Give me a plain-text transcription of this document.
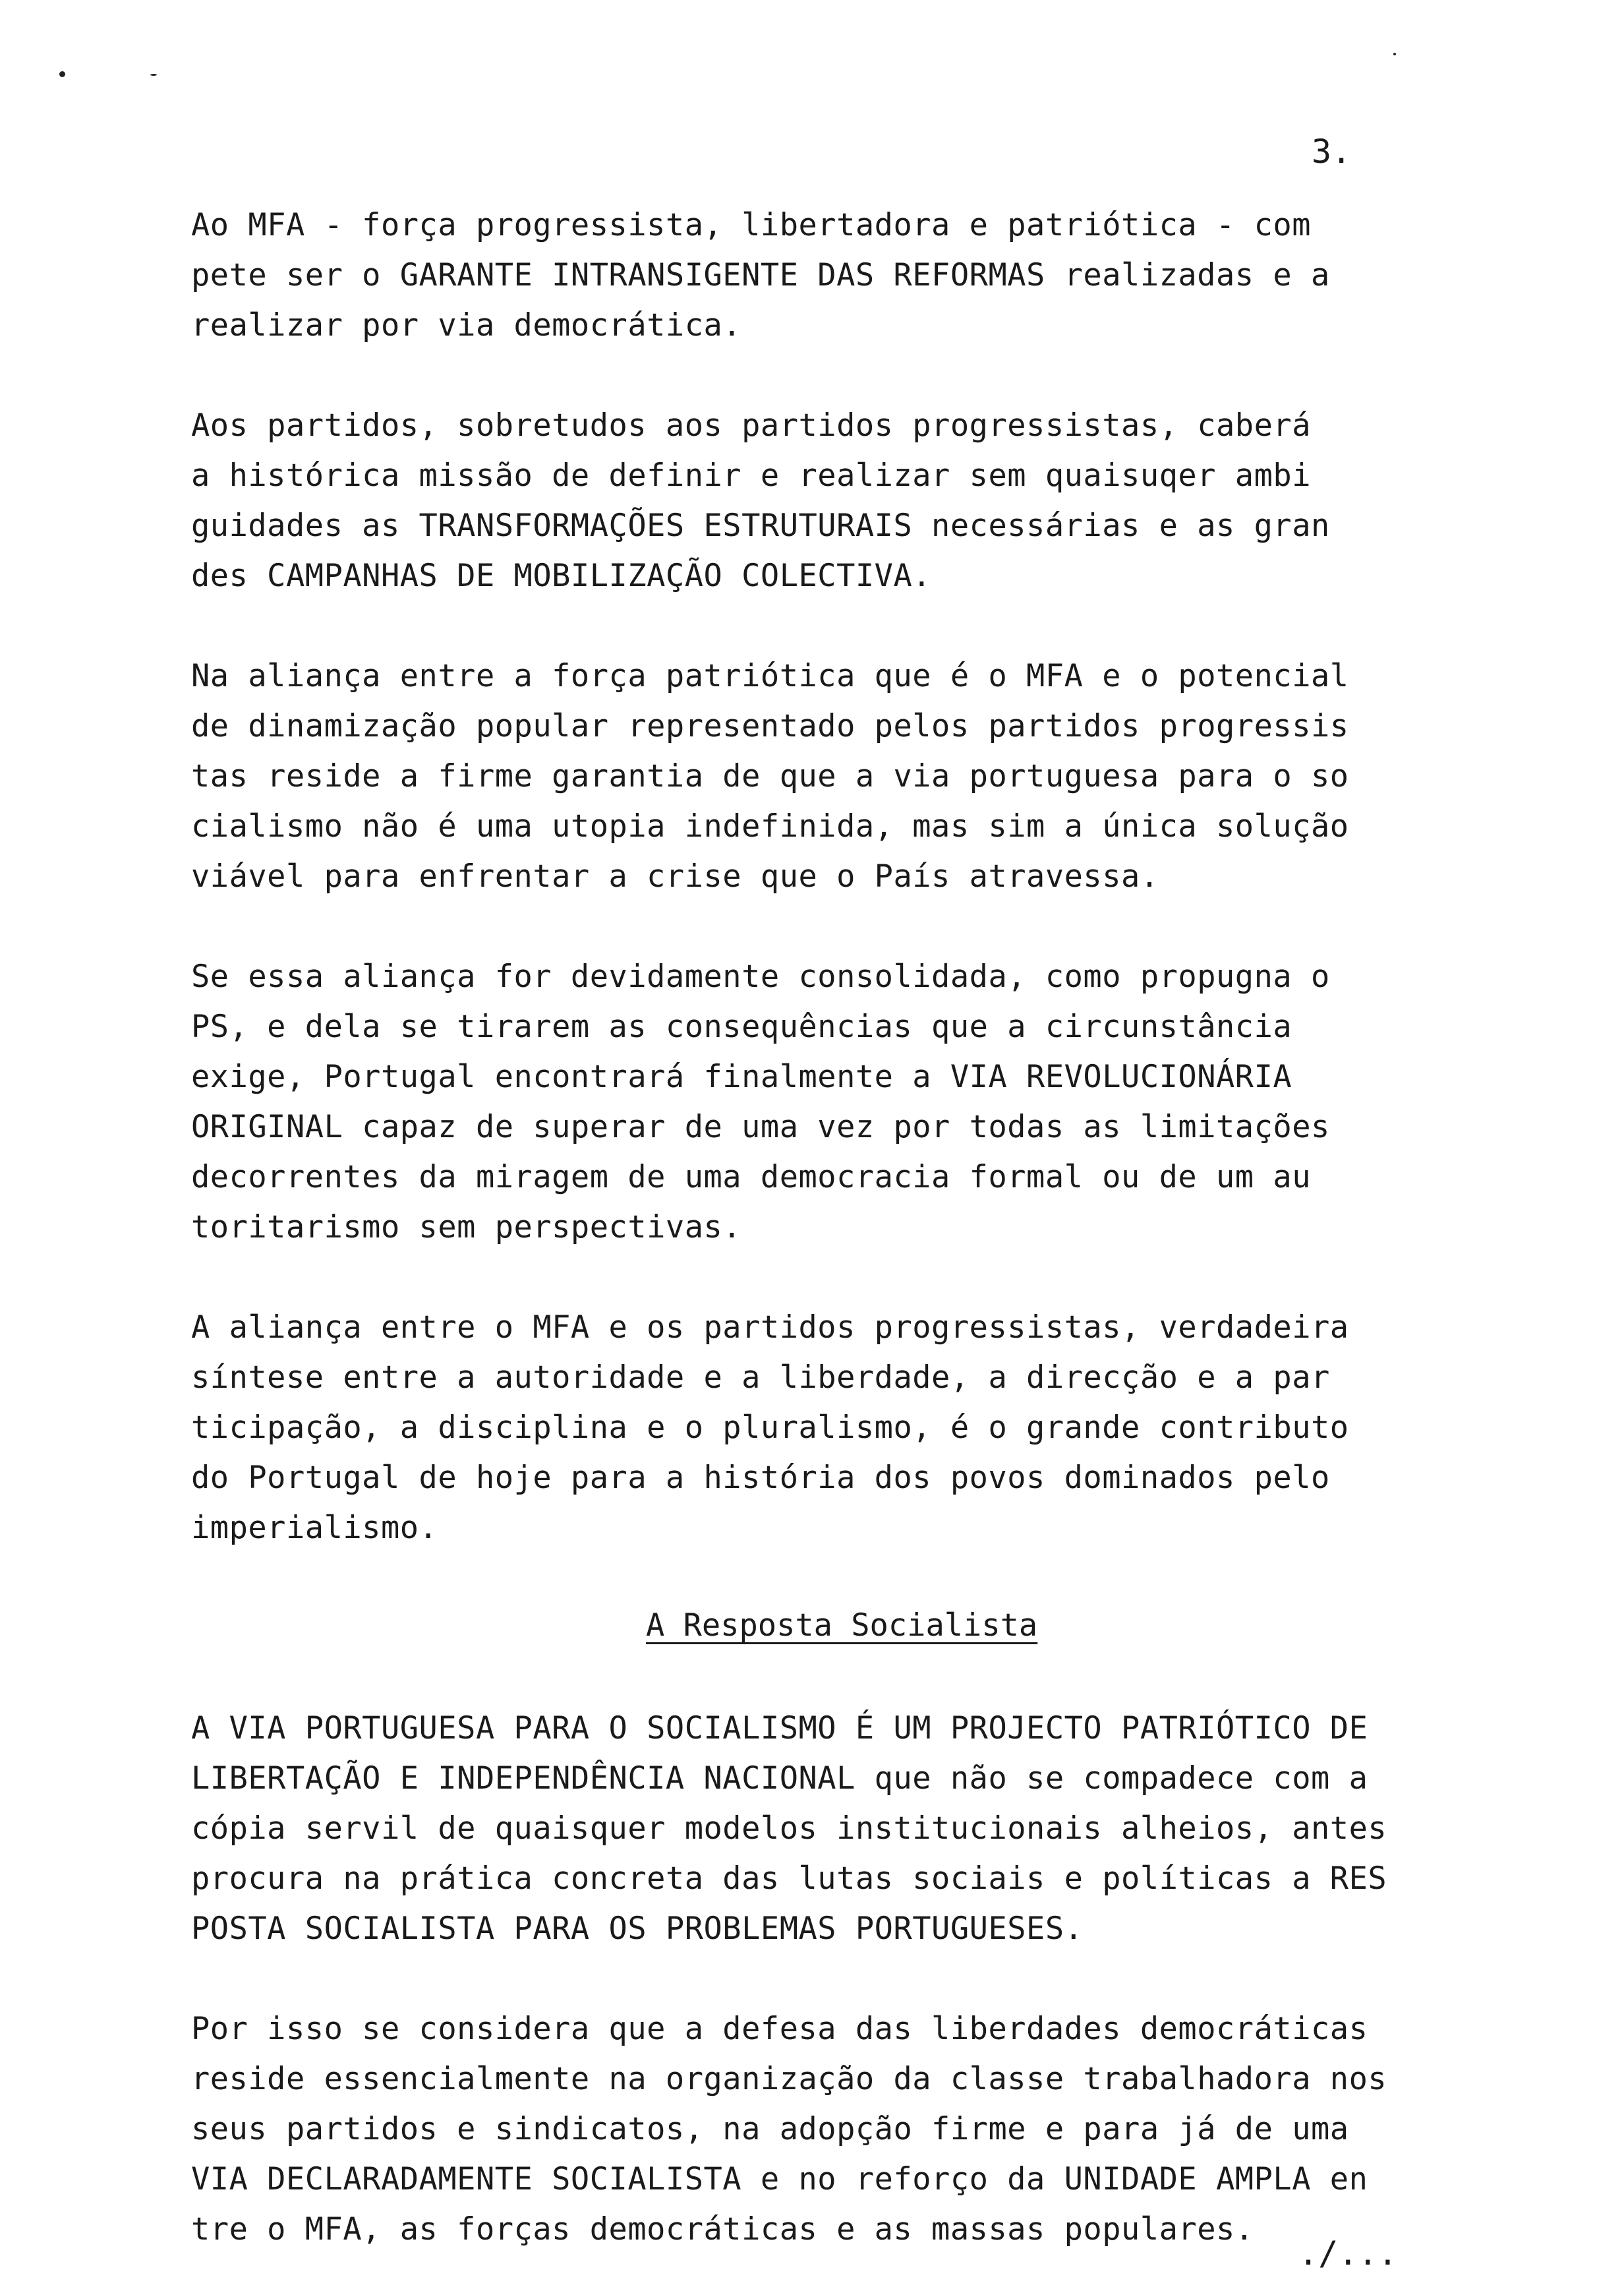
3.
Ao MFA - força progressista, libertadora e patriótica - com
pete ser o GARANTE INTRANSIGENTE DAS REFORMAS realizadas e a
realizar por via democrática.
Aos partidos, sobretudos aos partidos progressistas, caberá
a histórica missão de definir e realizar sem quaisuqer ambi
guidades as TRANSFORMAÇÕES ESTRUTURAIS necessárias e as gran
des CAMPANHAS DE MOBILIZAÇÃO COLECTIVA.
Na aliança entre a força patriótica que é o MFA e o potencial
de dinamização popular representado pelos partidos progressis
tas reside a firme garantia de que a via portuguesa para o so
cialismo não é uma utopia indefinida, mas sim a única solução
viável para enfrentar a crise que o País atravessa.
Se essa aliança for devidamente consolidada, como propugna o
PS, e dela se tirarem as consequências que a circunstância
exige, Portugal encontrará finalmente a VIA REVOLUCIONÁRIA
ORIGINAL capaz de superar de uma vez por todas as limitações
decorrentes da miragem de uma democracia formal ou de um au
toritarismo sem perspectivas.
A aliança entre o MFA e os partidos progressistas, verdadeira
síntese entre a autoridade e a liberdade, a direcção e a par
ticipação, a disciplina e o pluralismo, é o grande contributo
do Portugal de hoje para a história dos povos dominados pelo
imperialismo.
A Resposta Socialista
A VIA PORTUGUESA PARA O SOCIALISMO É UM PROJECTO PATRIÓTICO DE
LIBERTAÇÃO E INDEPENDÊNCIA NACIONAL que não se compadece com a
cópia servil de quaisquer modelos institucionais alheios, antes
procura na prática concreta das lutas sociais e políticas a RES
POSTA SOCIALISTA PARA OS PROBLEMAS PORTUGUESES.
Por isso se considera que a defesa das liberdades democráticas
reside essencialmente na organização da classe trabalhadora nos
seus partidos e sindicatos, na adopção firme e para já de uma
VIA DECLARADAMENTE SOCIALISTA e no reforço da UNIDADE AMPLA en
tre o MFA, as forças democráticas e as massas populares.
./...
